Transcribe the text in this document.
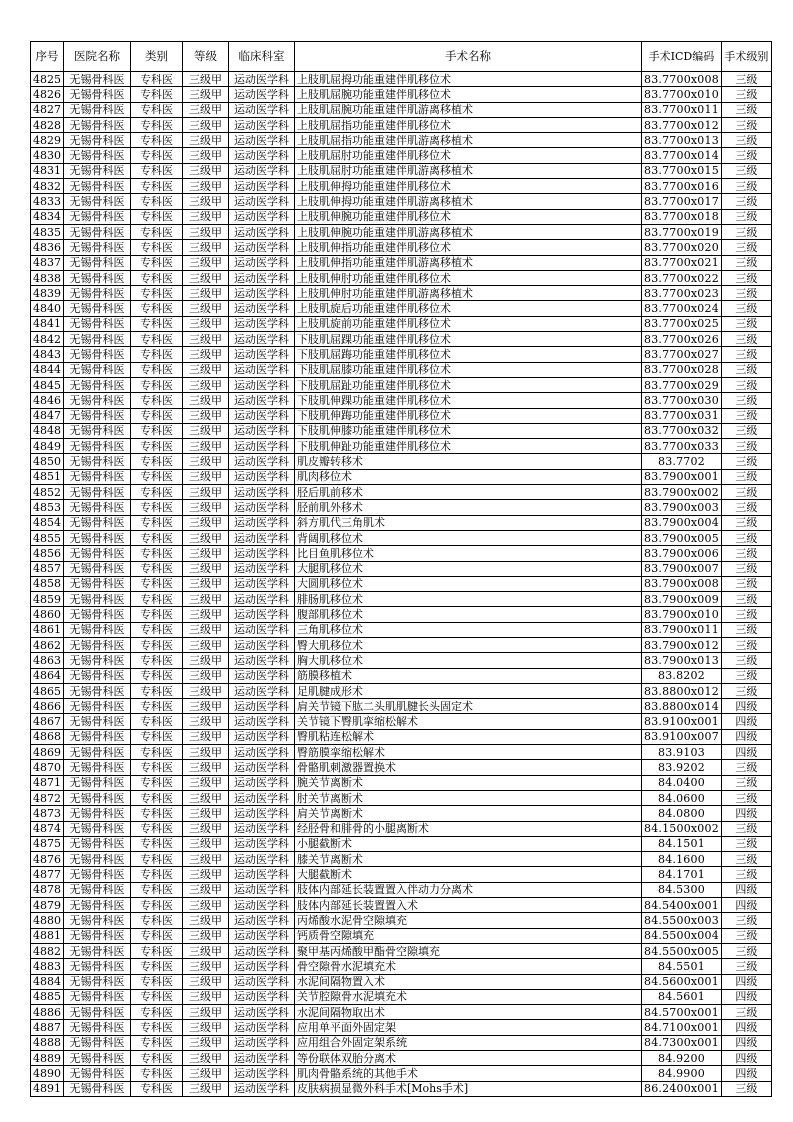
序号	医院名称	类别	等级	临床科室	手术名称	手术ICD编码	手术级别
4825	无锡骨科医	专科医	三级甲	运动医学科	上肢肌屈拇功能重建伴肌移位术	83.7700x008	三级
4826	无锡骨科医	专科医	三级甲	运动医学科	上肢肌屈腕功能重建伴肌移位术	83.7700x010	三级
4827	无锡骨科医	专科医	三级甲	运动医学科	上肢肌屈腕功能重建伴肌游离移植术	83.7700x011	三级
4828	无锡骨科医	专科医	三级甲	运动医学科	上肢肌屈指功能重建伴肌移位术	83.7700x012	三级
4829	无锡骨科医	专科医	三级甲	运动医学科	上肢肌屈指功能重建伴肌游离移植术	83.7700x013	三级
4830	无锡骨科医	专科医	三级甲	运动医学科	上肢肌屈肘功能重建伴肌移位术	83.7700x014	三级
4831	无锡骨科医	专科医	三级甲	运动医学科	上肢肌屈肘功能重建伴肌游离移植术	83.7700x015	三级
4832	无锡骨科医	专科医	三级甲	运动医学科	上肢肌伸拇功能重建伴肌移位术	83.7700x016	三级
4833	无锡骨科医	专科医	三级甲	运动医学科	上肢肌伸拇功能重建伴肌游离移植术	83.7700x017	三级
4834	无锡骨科医	专科医	三级甲	运动医学科	上肢肌伸腕功能重建伴肌移位术	83.7700x018	三级
4835	无锡骨科医	专科医	三级甲	运动医学科	上肢肌伸腕功能重建伴肌游离移植术	83.7700x019	三级
4836	无锡骨科医	专科医	三级甲	运动医学科	上肢肌伸指功能重建伴肌移位术	83.7700x020	三级
4837	无锡骨科医	专科医	三级甲	运动医学科	上肢肌伸指功能重建伴肌游离移植术	83.7700x021	三级
4838	无锡骨科医	专科医	三级甲	运动医学科	上肢肌伸肘功能重建伴肌移位术	83.7700x022	三级
4839	无锡骨科医	专科医	三级甲	运动医学科	上肢肌伸肘功能重建伴肌游离移植术	83.7700x023	三级
4840	无锡骨科医	专科医	三级甲	运动医学科	上肢肌旋后功能重建伴肌移位术	83.7700x024	三级
4841	无锡骨科医	专科医	三级甲	运动医学科	上肢肌旋前功能重建伴肌移位术	83.7700x025	三级
4842	无锡骨科医	专科医	三级甲	运动医学科	下肢肌屈踝功能重建伴肌移位术	83.7700x026	三级
4843	无锡骨科医	专科医	三级甲	运动医学科	下肢肌屈踇功能重建伴肌移位术	83.7700x027	三级
4844	无锡骨科医	专科医	三级甲	运动医学科	下肢肌屈膝功能重建伴肌移位术	83.7700x028	三级
4845	无锡骨科医	专科医	三级甲	运动医学科	下肢肌屈趾功能重建伴肌移位术	83.7700x029	三级
4846	无锡骨科医	专科医	三级甲	运动医学科	下肢肌伸踝功能重建伴肌移位术	83.7700x030	三级
4847	无锡骨科医	专科医	三级甲	运动医学科	下肢肌伸踇功能重建伴肌移位术	83.7700x031	三级
4848	无锡骨科医	专科医	三级甲	运动医学科	下肢肌伸膝功能重建伴肌移位术	83.7700x032	三级
4849	无锡骨科医	专科医	三级甲	运动医学科	下肢肌伸趾功能重建伴肌移位术	83.7700x033	三级
4850	无锡骨科医	专科医	三级甲	运动医学科	肌皮瓣转移术	83.7702	三级
4851	无锡骨科医	专科医	三级甲	运动医学科	肌肉移位术	83.7900x001	三级
4852	无锡骨科医	专科医	三级甲	运动医学科	胫后肌前移术	83.7900x002	三级
4853	无锡骨科医	专科医	三级甲	运动医学科	胫前肌外移术	83.7900x003	三级
4854	无锡骨科医	专科医	三级甲	运动医学科	斜方肌代三角肌术	83.7900x004	三级
4855	无锡骨科医	专科医	三级甲	运动医学科	背阔肌移位术	83.7900x005	三级
4856	无锡骨科医	专科医	三级甲	运动医学科	比目鱼肌移位术	83.7900x006	三级
4857	无锡骨科医	专科医	三级甲	运动医学科	大腿肌移位术	83.7900x007	三级
4858	无锡骨科医	专科医	三级甲	运动医学科	大圆肌移位术	83.7900x008	三级
4859	无锡骨科医	专科医	三级甲	运动医学科	腓肠肌移位术	83.7900x009	三级
4860	无锡骨科医	专科医	三级甲	运动医学科	腹部肌移位术	83.7900x010	三级
4861	无锡骨科医	专科医	三级甲	运动医学科	三角肌移位术	83.7900x011	三级
4862	无锡骨科医	专科医	三级甲	运动医学科	臀大肌移位术	83.7900x012	三级
4863	无锡骨科医	专科医	三级甲	运动医学科	胸大肌移位术	83.7900x013	三级
4864	无锡骨科医	专科医	三级甲	运动医学科	筋膜移植术	83.8202	三级
4865	无锡骨科医	专科医	三级甲	运动医学科	足肌腱成形术	83.8800x012	三级
4866	无锡骨科医	专科医	三级甲	运动医学科	肩关节镜下肱二头肌肌腱长头固定术	83.8800x014	四级
4867	无锡骨科医	专科医	三级甲	运动医学科	关节镜下臀肌挛缩松解术	83.9100x001	四级
4868	无锡骨科医	专科医	三级甲	运动医学科	臀肌粘连松解术	83.9100x007	四级
4869	无锡骨科医	专科医	三级甲	运动医学科	臀筋膜挛缩松解术	83.9103	四级
4870	无锡骨科医	专科医	三级甲	运动医学科	骨骼肌刺激器置换术	83.9202	三级
4871	无锡骨科医	专科医	三级甲	运动医学科	腕关节离断术	84.0400	三级
4872	无锡骨科医	专科医	三级甲	运动医学科	肘关节离断术	84.0600	三级
4873	无锡骨科医	专科医	三级甲	运动医学科	肩关节离断术	84.0800	四级
4874	无锡骨科医	专科医	三级甲	运动医学科	经胫骨和腓骨的小腿离断术	84.1500x002	三级
4875	无锡骨科医	专科医	三级甲	运动医学科	小腿截断术	84.1501	三级
4876	无锡骨科医	专科医	三级甲	运动医学科	膝关节离断术	84.1600	三级
4877	无锡骨科医	专科医	三级甲	运动医学科	大腿截断术	84.1701	三级
4878	无锡骨科医	专科医	三级甲	运动医学科	肢体内部延长装置置入伴动力分离术	84.5300	四级
4879	无锡骨科医	专科医	三级甲	运动医学科	肢体内部延长装置置入术	84.5400x001	四级
4880	无锡骨科医	专科医	三级甲	运动医学科	丙烯酸水泥骨空隙填充	84.5500x003	三级
4881	无锡骨科医	专科医	三级甲	运动医学科	钙质骨空隙填充	84.5500x004	三级
4882	无锡骨科医	专科医	三级甲	运动医学科	聚甲基丙烯酸甲酯骨空隙填充	84.5500x005	三级
4883	无锡骨科医	专科医	三级甲	运动医学科	骨空隙骨水泥填充术	84.5501	三级
4884	无锡骨科医	专科医	三级甲	运动医学科	水泥间隔物置入术	84.5600x001	四级
4885	无锡骨科医	专科医	三级甲	运动医学科	关节腔隙骨水泥填充术	84.5601	四级
4886	无锡骨科医	专科医	三级甲	运动医学科	水泥间隔物取出术	84.5700x001	三级
4887	无锡骨科医	专科医	三级甲	运动医学科	应用单平面外固定架	84.7100x001	四级
4888	无锡骨科医	专科医	三级甲	运动医学科	应用组合外固定架系统	84.7300x001	四级
4889	无锡骨科医	专科医	三级甲	运动医学科	等份联体双胎分离术	84.9200	四级
4890	无锡骨科医	专科医	三级甲	运动医学科	肌肉骨骼系统的其他手术	84.9900	四级
4891	无锡骨科医	专科医	三级甲	运动医学科	皮肤病损显微外科手术[Mohs手术]	86.2400x001	三级
